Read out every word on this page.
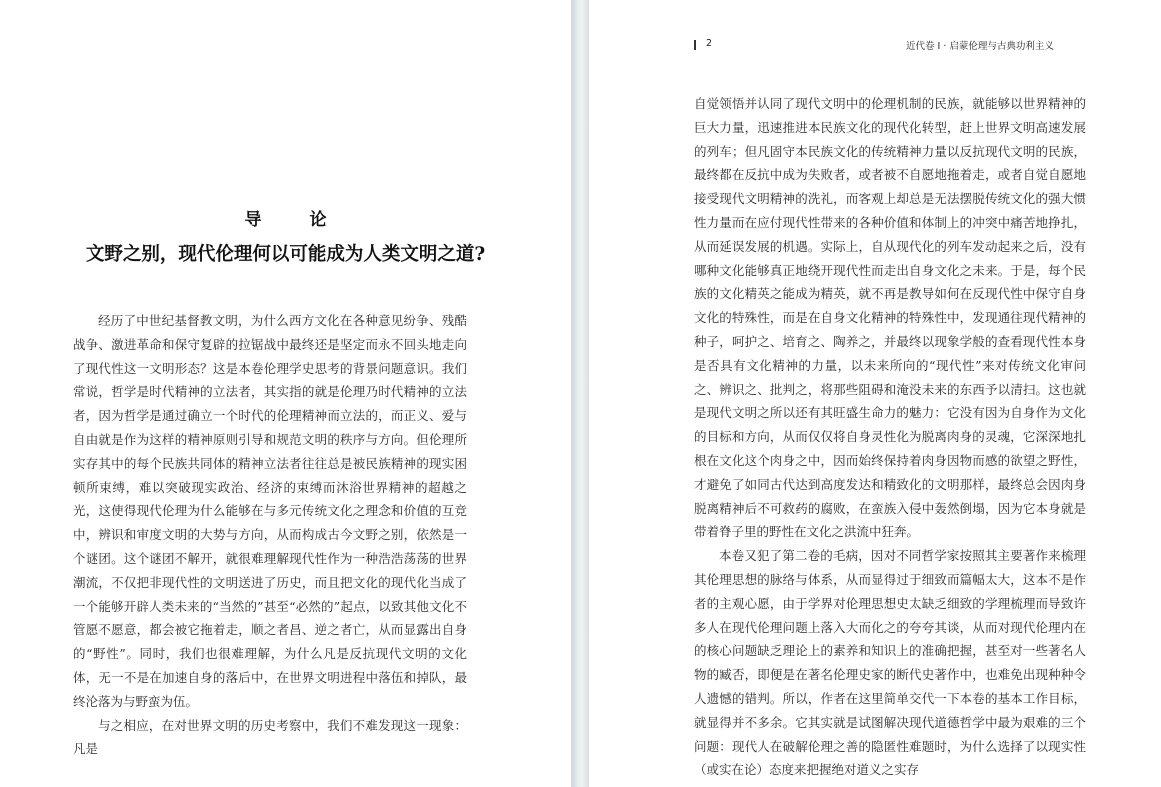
导论
文野之别，现代伦理何以可能成为人类文明之道?

经历了中世纪基督教文明，为什么西方文化在各种意见纷争、残酷战争、激进革命和保守复辟的拉锯战中最终还是坚定而永不回头地走向了现代性这一文明形态？这是本卷伦理学史思考的背景问题意识。我们常说，哲学是时代精神的立法者，其实指的就是伦理乃时代精神的立法者，因为哲学是通过确立一个时代的伦理精神而立法的，而正义、爱与自由就是作为这样的精神原则引导和规范文明的秩序与方向。但伦理所实存其中的每个民族共同体的精神立法者往往总是被民族精神的现实困顿所束缚，难以突破现实政治、经济的束缚而沐浴世界精神的超越之光，这使得现代伦理为什么能够在与多元传统文化之理念和价值的互竞中，辨识和审度文明的大势与方向，从而构成古今文野之别，依然是一个谜团。这个谜团不解开，就很难理解现代性作为一种浩浩荡荡的世界潮流，不仅把非现代性的文明送进了历史，而且把文化的现代化当成了一个能够开辟人类未来的“当然的”甚至“必然的”起点，以致其他文化不管愿不愿意，都会被它拖着走，顺之者昌、逆之者亡，从而显露出自身的“野性”。同时，我们也很难理解，为什么凡是反抗现代文明的文化体，无一不是在加速自身的落后中，在世界文明进程中落伍和掉队，最终沦落为与野蛮为伍。

与之相应，在对世界文明的历史考察中，我们不难发现这一现象：凡是

2	近代卷 Ⅰ · 启蒙伦理与古典功利主义

自觉领悟并认同了现代文明中的伦理机制的民族，就能够以世界精神的巨大力量，迅速推进本民族文化的现代化转型，赶上世界文明高速发展的列车；但凡固守本民族文化的传统精神力量以反抗现代文明的民族，最终都在反抗中成为失败者，或者被不自愿地拖着走，或者自觉自愿地接受现代文明精神的洗礼，而客观上却总是无法摆脱传统文化的强大惯性力量而在应付现代性带来的各种价值和体制上的冲突中痛苦地挣扎，从而延误发展的机遇。实际上，自从现代化的列车发动起来之后，没有哪种文化能够真正地绕开现代性而走出自身文化之未来。于是，每个民族的文化精英之能成为精英，就不再是教导如何在反现代性中保守自身文化的特殊性，而是在自身文化精神的特殊性中，发现通往现代精神的种子，呵护之、培育之、陶养之，并最终以现象学般的查看现代性本身是否具有文化精神的力量，以未来所向的“现代性”来对传统文化审问之、辨识之、批判之，将那些阻碍和淹没未来的东西予以清扫。这也就是现代文明之所以还有其旺盛生命力的魅力：它没有因为自身作为文化的目标和方向，从而仅仅将自身灵性化为脱离肉身的灵魂，它深深地扎根在文化这个肉身之中，因而始终保持着肉身因物而感的欲望之野性，才避免了如同古代达到高度发达和精致化的文明那样，最终总会因肉身脱离精神后不可救药的腐败，在蛮族入侵中轰然倒塌，因为它本身就是带着脊子里的野性在文化之洪流中狂奔。

本卷又犯了第二卷的毛病，因对不同哲学家按照其主要著作来梳理其伦理思想的脉络与体系，从而显得过于细致而篇幅太大，这本不是作者的主观心愿，由于学界对伦理思想史太缺乏细致的学理梳理而导致许多人在现代伦理问题上落入大而化之的夸夸其谈，从而对现代伦理内在的核心问题缺乏理论上的素养和知识上的准确把握，甚至对一些著名人物的臧否，即便是在著名伦理史家的断代史著作中，也难免出现种种令人遗憾的错判。所以，作者在这里简单交代一下本卷的基本工作目标，就显得并不多余。它其实就是试图解决现代道德哲学中最为艰难的三个问题：现代人在破解伦理之善的隐匿性难题时，为什么选择了以现实性（或实在论）态度来把握绝对道义之实存
